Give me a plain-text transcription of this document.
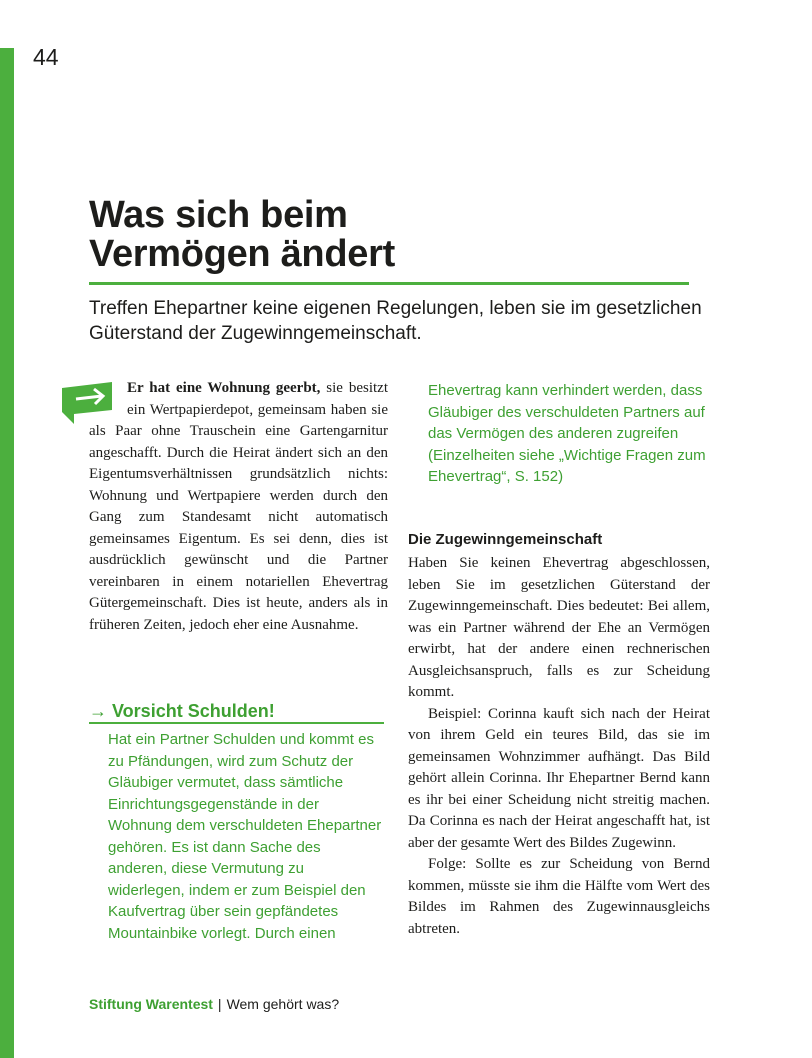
44
Was sich beim
Vermögen ändert

Treffen Ehepartner keine eigenen Regelungen, leben sie im gesetzlichen Güterstand der Zugewinngemeinschaft.

Er hat eine Wohnung geerbt, sie besitzt ein Wertpapierdepot, gemeinsam haben sie als Paar ohne Trauschein eine Gartengarnitur angeschafft. Durch die Heirat ändert sich an den Eigentumsverhältnissen grundsätzlich nichts: Wohnung und Wertpapiere werden durch den Gang zum Standesamt nicht automatisch gemeinsames Eigentum. Es sei denn, dies ist ausdrücklich gewünscht und die Partner vereinbaren in einem notariellen Ehevertrag Gütergemeinschaft. Dies ist heute, anders als in früheren Zeiten, jedoch eher eine Ausnahme.

→ Vorsicht Schulden!

Hat ein Partner Schulden und kommt es zu Pfändungen, wird zum Schutz der Gläubiger vermutet, dass sämtliche Einrichtungsgegenstände in der Wohnung dem verschuldeten Ehepartner gehören. Es ist dann Sache des anderen, diese Vermutung zu widerlegen, indem er zum Beispiel den Kaufvertrag über sein gepfändetes Mountainbike vorlegt. Durch einen

Ehevertrag kann verhindert werden, dass Gläubiger des verschuldeten Partners auf das Vermögen des anderen zugreifen (Einzelheiten siehe „Wichtige Fragen zum Ehevertrag“, S. 152)

Die Zugewinngemeinschaft

Haben Sie keinen Ehevertrag abgeschlossen, leben Sie im gesetzlichen Güterstand der Zugewinngemeinschaft. Dies bedeutet: Bei allem, was ein Partner während der Ehe an Vermögen erwirbt, hat der andere einen rechnerischen Ausgleichsanspruch, falls es zur Scheidung kommt.

Beispiel: Corinna kauft sich nach der Heirat von ihrem Geld ein teures Bild, das sie im gemeinsamen Wohnzimmer aufhängt. Das Bild gehört allein Corinna. Ihr Ehepartner Bernd kann es ihr bei einer Scheidung nicht streitig machen. Da Corinna es nach der Heirat angeschafft hat, ist aber der gesamte Wert des Bildes Zugewinn.

Folge: Sollte es zur Scheidung von Bernd kommen, müsste sie ihm die Hälfte vom Wert des Bildes im Rahmen des Zugewinnausgleichs abtreten.

Stiftung Warentest | Wem gehört was?
